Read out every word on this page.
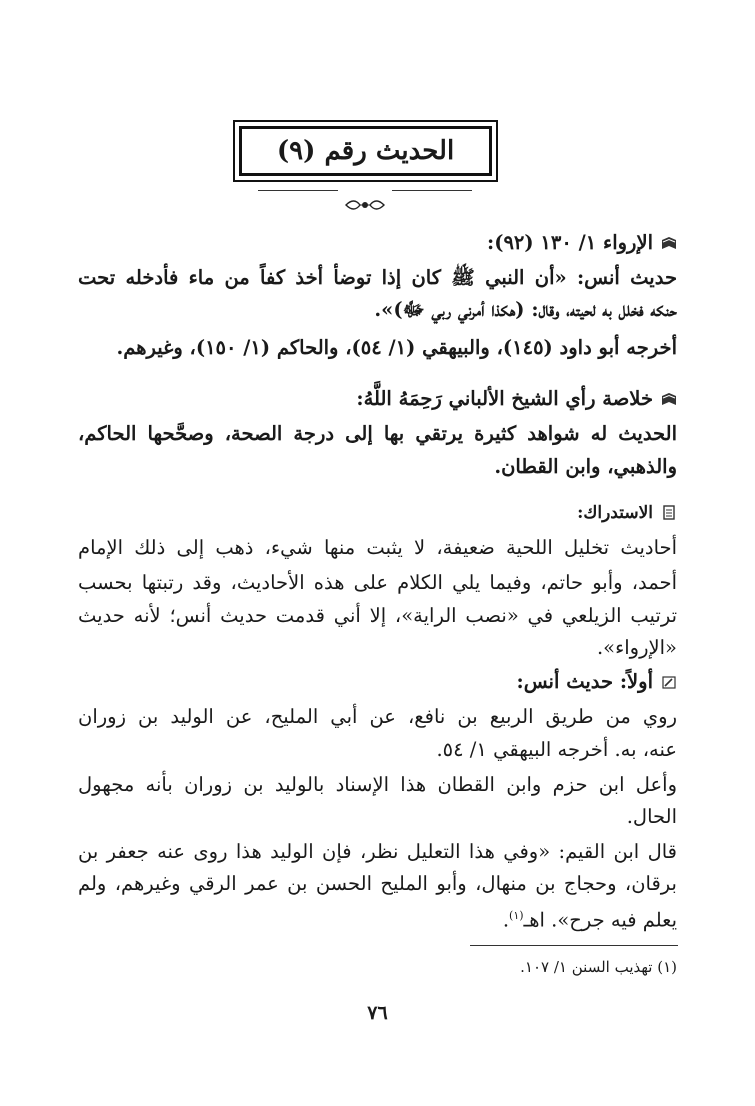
الحديث رقم (٩)
الإرواء ١/ ١٣٠ (٩٢):
حديث أنس: «أن النبي ﷺ كان إذا توضأ أخذ كفاً من ماء فأدخله تحت
حنكه فخلل به لحيته، وقال: (هكذا أمرني ربي ﷻ)».
أخرجه أبو داود (١٤٥)، والبيهقي (١/ ٥٤)، والحاكم (١/ ١٥٠)، وغيرهم.
خلاصة رأي الشيخ الألباني رَحِمَهُ اللَّهُ:
الحديث له شواهد كثيرة يرتقي بها إلى درجة الصحة، وصحَّحها الحاكم،
والذهبي، وابن القطان.
الاستدراك:
أحاديث تخليل اللحية ضعيفة، لا يثبت منها شيء، ذهب إلى ذلك الإمام
أحمد، وأبو حاتم، وفيما يلي الكلام على هذه الأحاديث، وقد رتبتها بحسب
ترتيب الزيلعي في «نصب الراية»، إلا أني قدمت حديث أنس؛ لأنه حديث
«الإرواء».
أولاً: حديث أنس:
روي من طريق الربيع بن نافع، عن أبي المليح، عن الوليد بن زوران
عنه، به. أخرجه البيهقي ١/ ٥٤.
وأعل ابن حزم وابن القطان هذا الإسناد بالوليد بن زوران بأنه مجهول
الحال.
قال ابن القيم: «وفي هذا التعليل نظر، فإن الوليد هذا روى عنه جعفر بن
برقان، وحجاج بن منهال، وأبو المليح الحسن بن عمر الرقي وغيرهم، ولم
يعلم فيه جرح». اهـ$^{(١)}$.
(١) تهذيب السنن ١/ ١٠٧.
٧٦
